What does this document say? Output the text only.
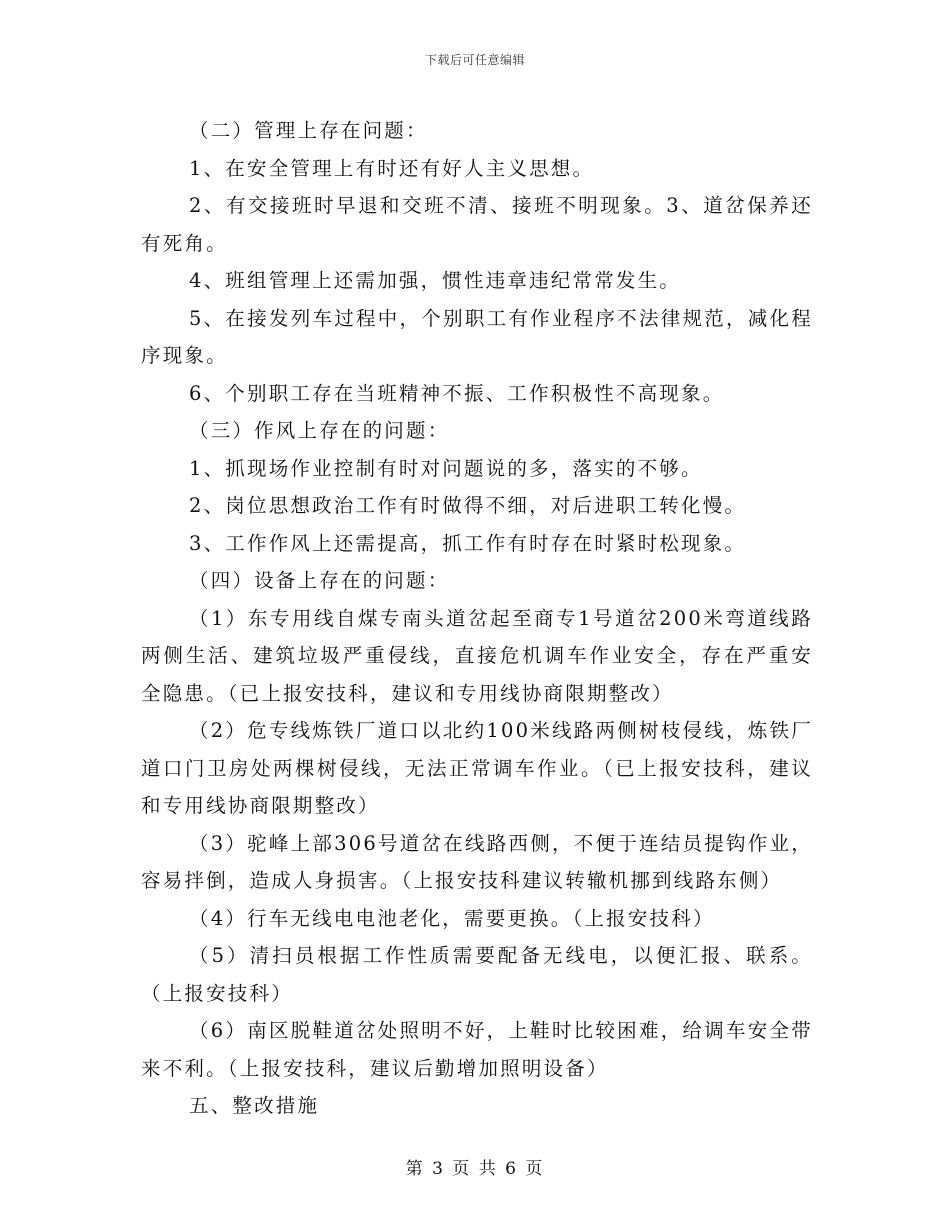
下载后可任意编辑

（二）管理上存在问题：

1、在安全管理上有时还有好人主义思想。

2、有交接班时早退和交班不清、接班不明现象。3、道岔保养还有死角。

4、班组管理上还需加强，惯性违章违纪常常发生。

5、在接发列车过程中，个别职工有作业程序不法律规范，减化程序现象。

6、个别职工存在当班精神不振、工作积极性不高现象。

（三）作风上存在的问题：

1、抓现场作业控制有时对问题说的多，落实的不够。

2、岗位思想政治工作有时做得不细，对后进职工转化慢。

3、工作作风上还需提高，抓工作有时存在时紧时松现象。

（四）设备上存在的问题：

（1）东专用线自煤专南头道岔起至商专1号道岔200米弯道线路两侧生活、建筑垃圾严重侵线，直接危机调车作业安全，存在严重安全隐患。（已上报安技科，建议和专用线协商限期整改）

（2）危专线炼铁厂道口以北约100米线路两侧树枝侵线，炼铁厂道口门卫房处两棵树侵线，无法正常调车作业。（已上报安技科，建议和专用线协商限期整改）

（3）驼峰上部306号道岔在线路西侧，不便于连结员提钩作业，容易拌倒，造成人身损害。（上报安技科建议转辙机挪到线路东侧）

（4）行车无线电电池老化，需要更换。（上报安技科）

（5）清扫员根据工作性质需要配备无线电，以便汇报、联系。（上报安技科）

（6）南区脱鞋道岔处照明不好，上鞋时比较困难，给调车安全带来不利。（上报安技科，建议后勤增加照明设备）

五、整改措施

第 3 页 共 6 页
